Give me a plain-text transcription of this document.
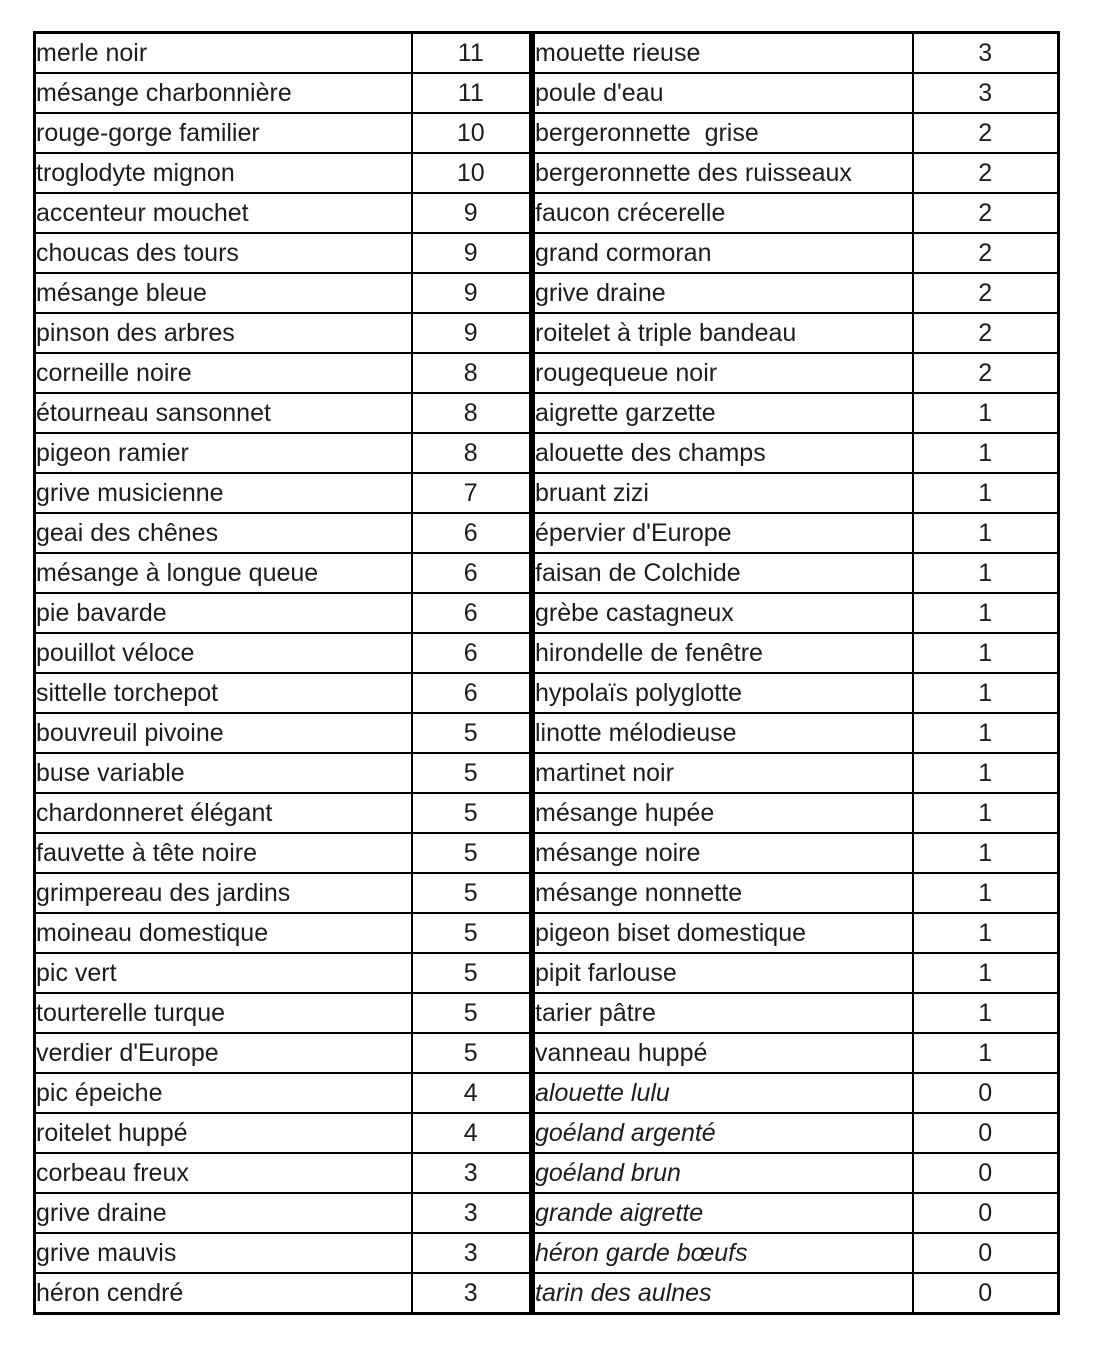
merle noir	11
mésange charbonnière	11
rouge-gorge familier	10
troglodyte mignon	10
accenteur mouchet	9
choucas des tours	9
mésange bleue	9
pinson des arbres	9
corneille noire	8
étourneau sansonnet	8
pigeon ramier	8
grive musicienne	7
geai des chênes	6
mésange à longue queue	6
pie bavarde	6
pouillot véloce	6
sittelle torchepot	6
bouvreuil pivoine	5
buse variable	5
chardonneret élégant	5
fauvette à tête noire	5
grimpereau des jardins	5
moineau domestique	5
pic vert	5
tourterelle turque	5
verdier d'Europe	5
pic épeiche	4
roitelet huppé	4
corbeau freux	3
grive draine	3
grive mauvis	3
héron cendré	3
mouette rieuse	3
poule d'eau	3
bergeronnette  grise	2
bergeronnette des ruisseaux	2
faucon crécerelle	2
grand cormoran	2
grive draine	2
roitelet à triple bandeau	2
rougequeue noir	2
aigrette garzette	1
alouette des champs	1
bruant zizi	1
épervier d'Europe	1
faisan de Colchide	1
grèbe castagneux	1
hirondelle de fenêtre	1
hypolaïs polyglotte	1
linotte mélodieuse	1
martinet noir	1
mésange hupée	1
mésange noire	1
mésange nonnette	1
pigeon biset domestique	1
pipit farlouse	1
tarier pâtre	1
vanneau huppé	1
alouette lulu	0
goéland argenté	0
goéland brun	0
grande aigrette	0
héron garde bœufs	0
tarin des aulnes	0
